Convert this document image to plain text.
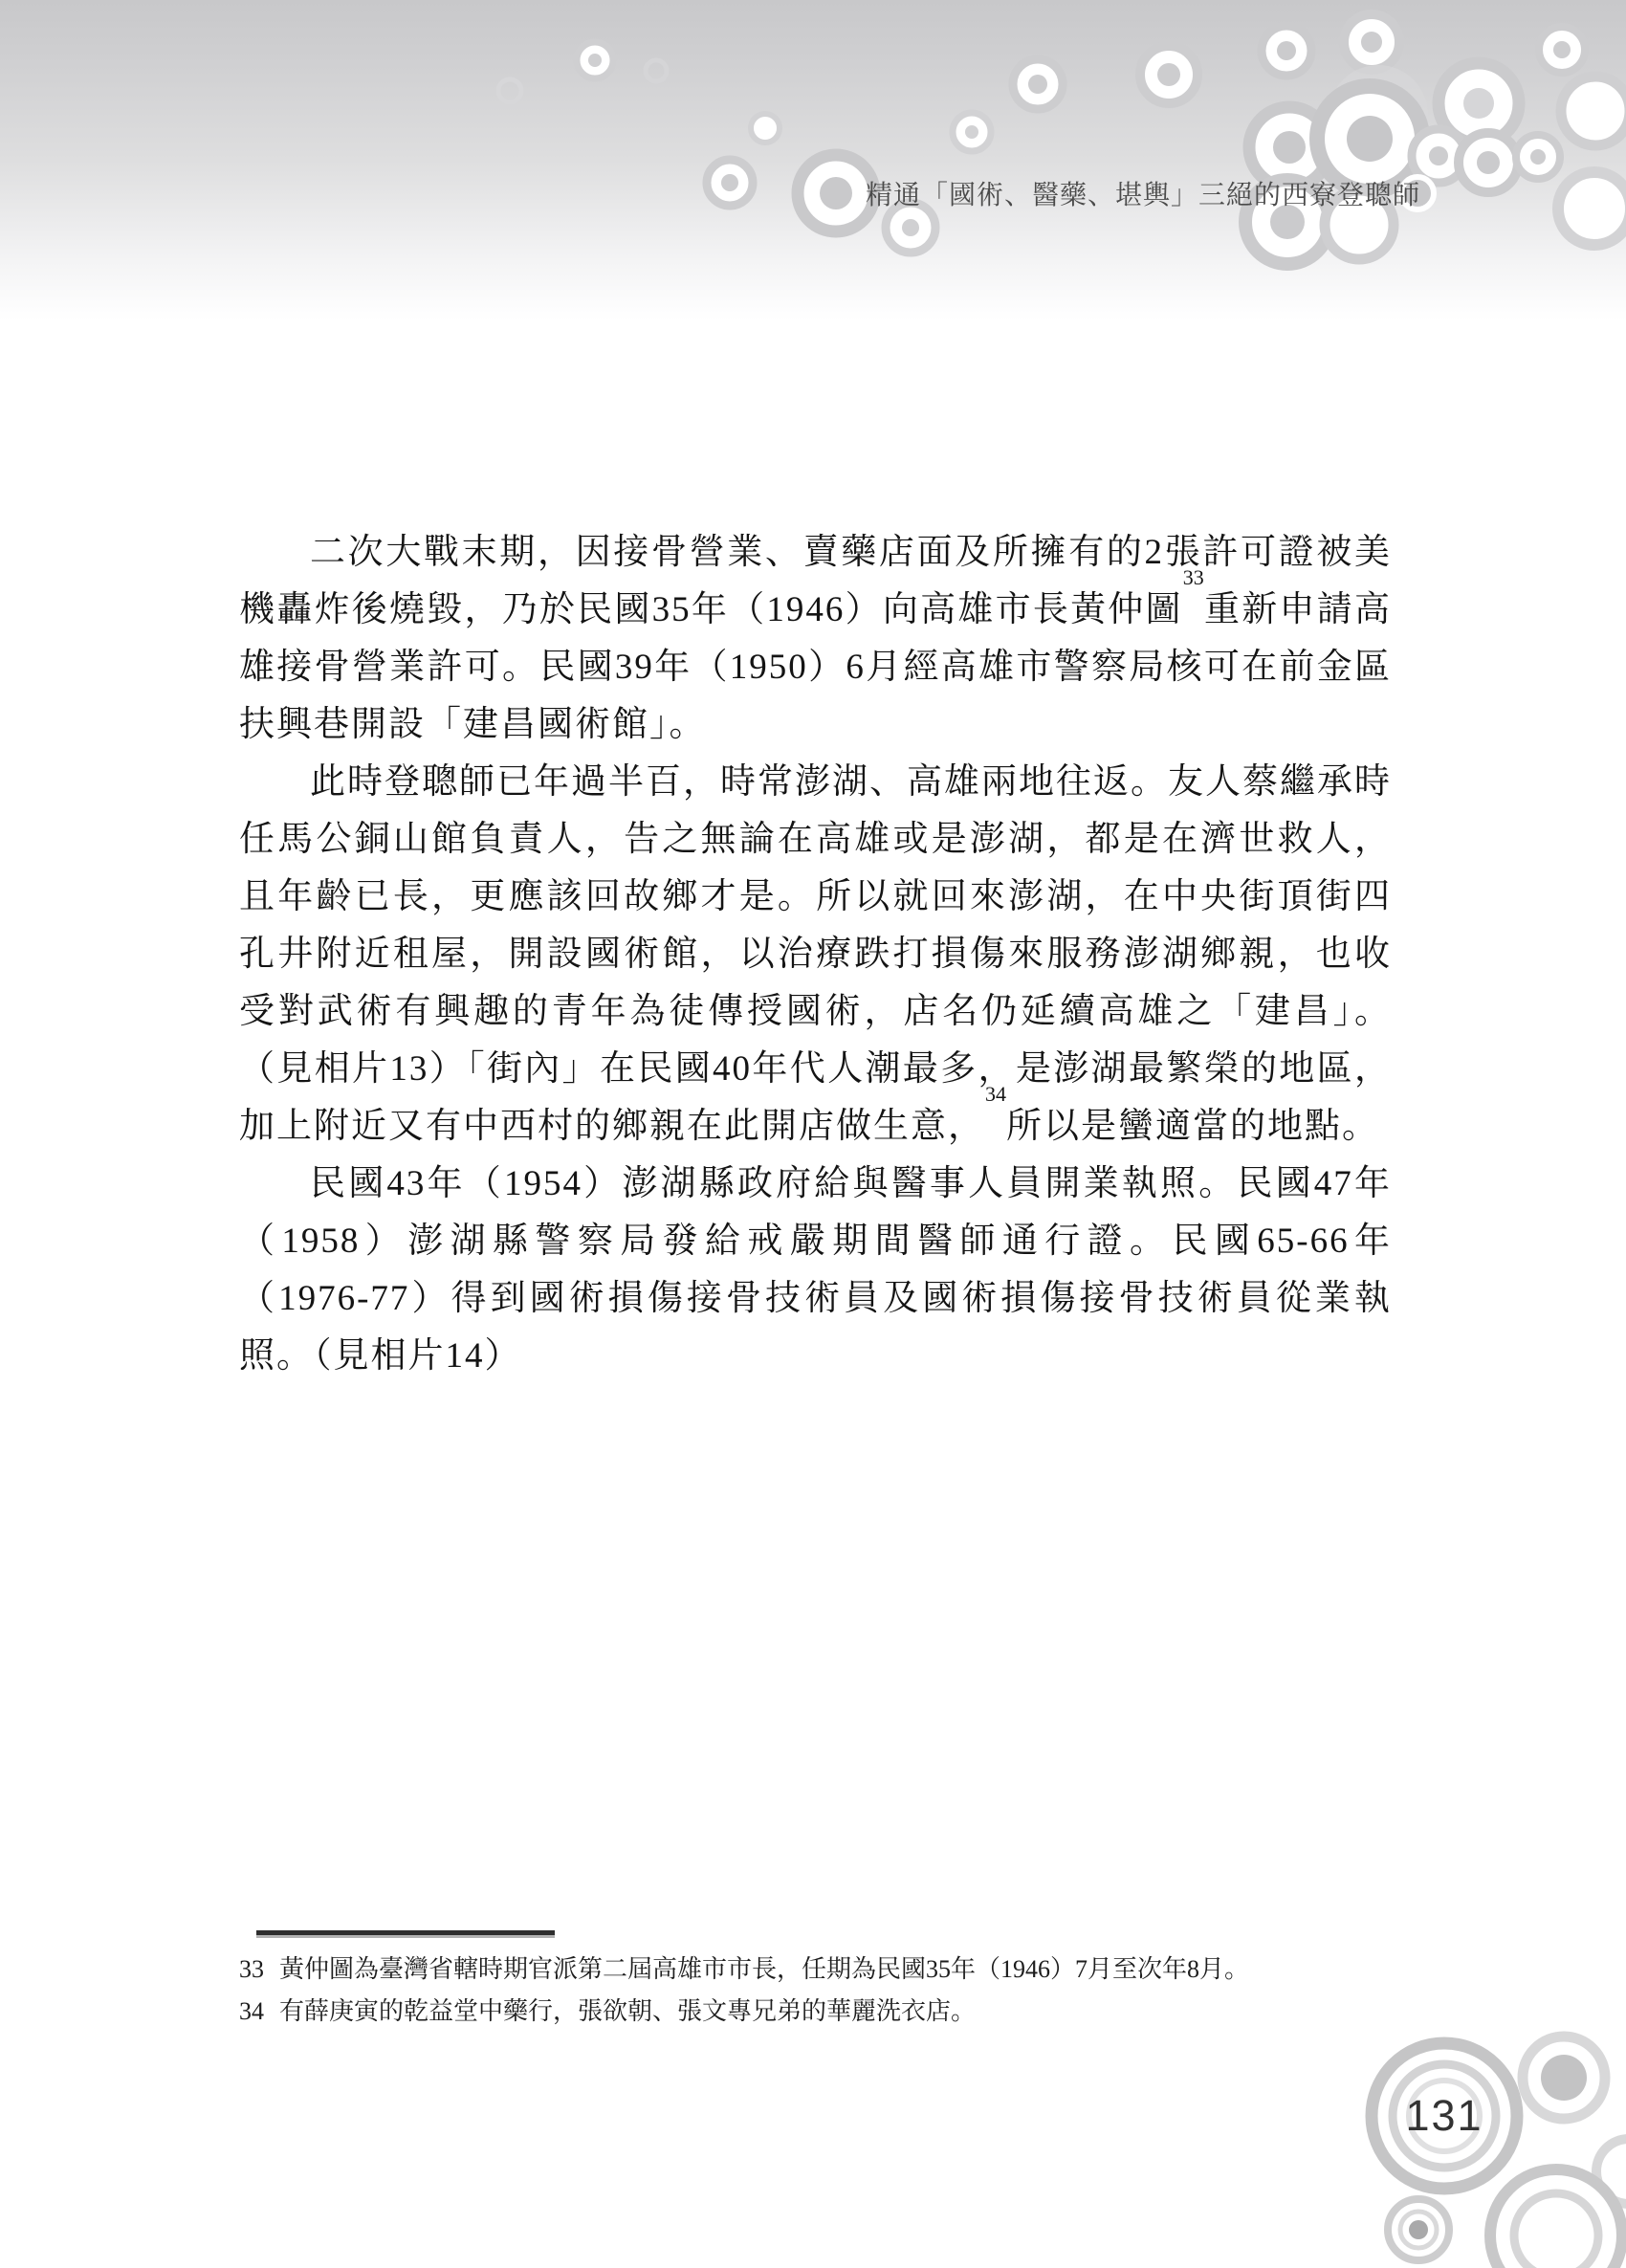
精通「國術、醫藥、堪輿」三絕的西寮登聰師

二次大戰末期，因接骨營業、賣藥店面及所擁有的2張許可證被美機轟炸後燒毀，乃於民國35年（1946）向高雄市長黃仲圖$^{33}$重新申請高雄接骨營業許可。民國39年（1950）6月經高雄市警察局核可在前金區扶興巷開設「建昌國術館」。

此時登聰師已年過半百，時常澎湖、高雄兩地往返。友人蔡繼承時任馬公銅山館負責人，告之無論在高雄或是澎湖，都是在濟世救人，且年齡已長，更應該回故鄉才是。所以就回來澎湖，在中央街頂街四孔井附近租屋，開設國術館，以治療跌打損傷來服務澎湖鄉親，也收受對武術有興趣的青年為徒傳授國術，店名仍延續高雄之「建昌」。（見相片13）「街內」在民國40年代人潮最多，是澎湖最繁榮的地區，加上附近又有中西村的鄉親在此開店做生意，$^{34}$所以是蠻適當的地點。

民國43年（1954）澎湖縣政府給與醫事人員開業執照。民國47年（1958）澎湖縣警察局發給戒嚴期間醫師通行證。民國65-66年（1976-77）得到國術損傷接骨技術員及國術損傷接骨技術員從業執照。（見相片14）

33 黃仲圖為臺灣省轄時期官派第二屆高雄市市長，任期為民國35年（1946）7月至次年8月。

34 有薛庚寅的乾益堂中藥行，張欲朝、張文專兄弟的華麗洗衣店。

131
